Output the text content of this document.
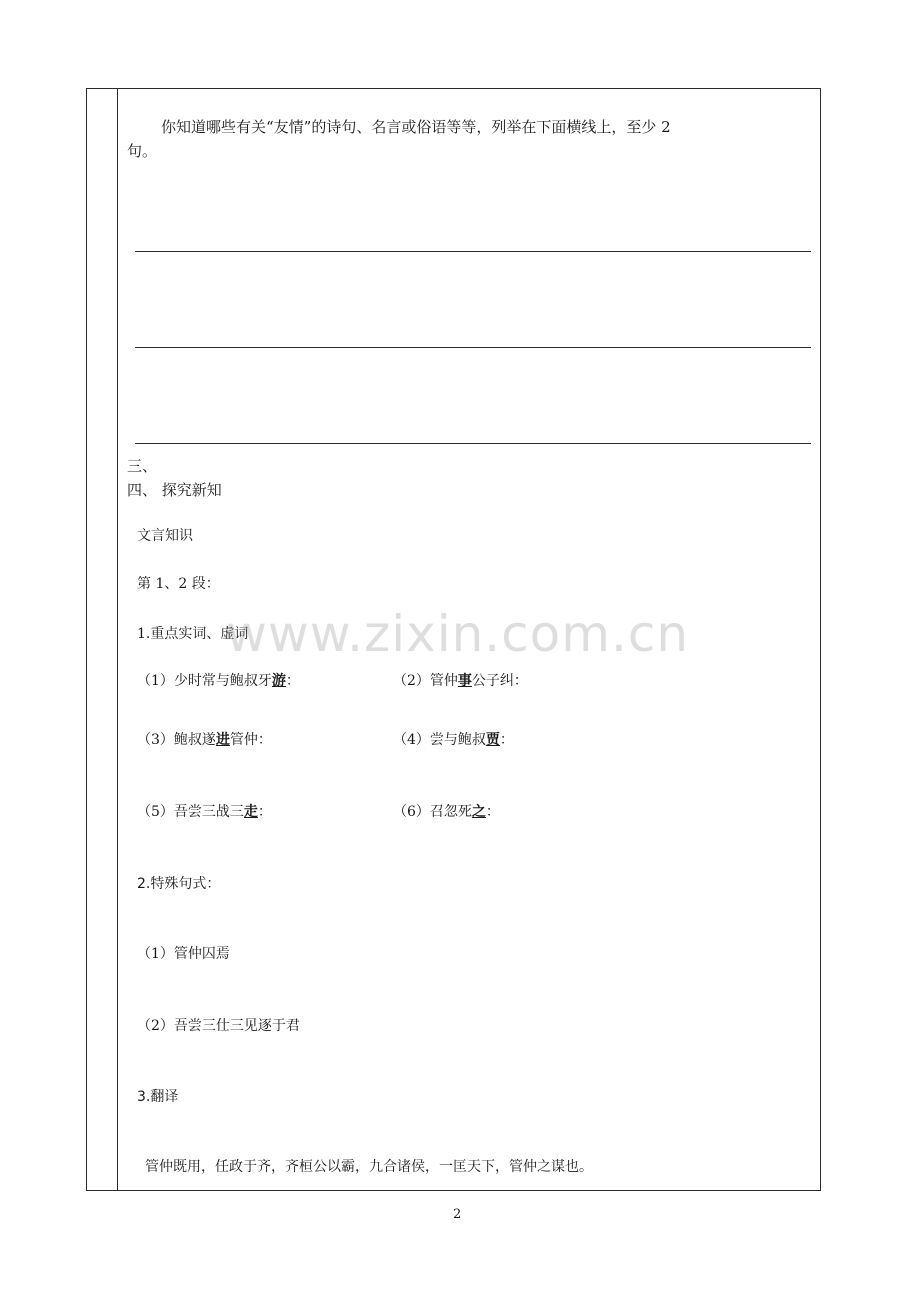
你知道哪些有关“友情”的诗句、名言或俗语等等，列举在下面横线上，至少 2
句。
三、
四、 探究新知
文言知识
第 1、2 段：
1.重点实词、虚词
（1）少时常与鲍叔牙游：	（2）管仲事公子纠：
（3）鲍叔遂进管仲：	（4）尝与鲍叔贾：
（5）吾尝三战三走：	（6）召忽死之：
2.特殊句式：
（1）管仲囚焉
（2）吾尝三仕三见逐于君
3.翻译
管仲既用，任政于齐，齐桓公以霸，九合诸侯，一匡天下，管仲之谋也。
www.zixin.com.cn
2
